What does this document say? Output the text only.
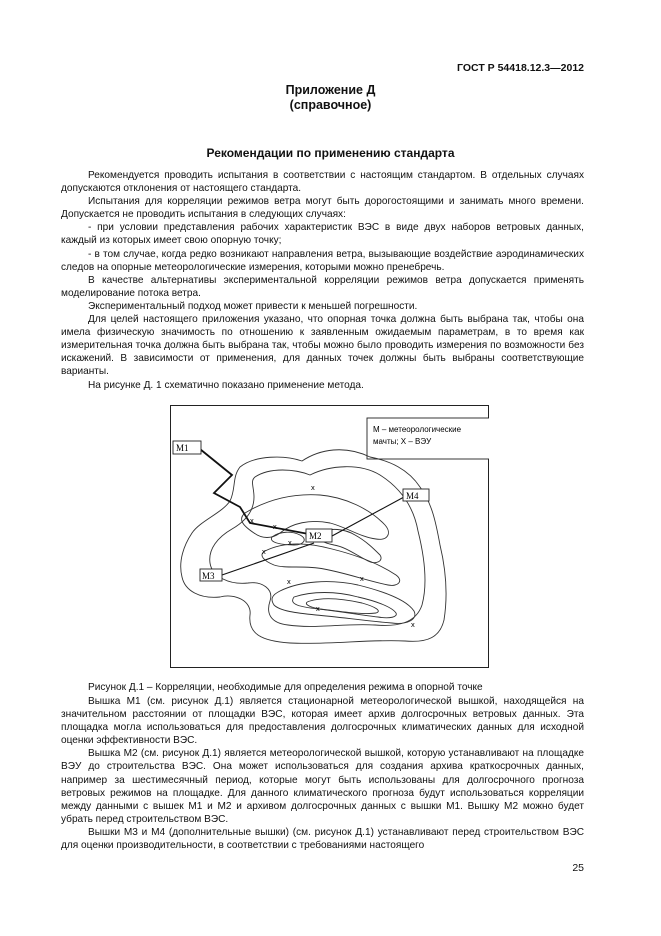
ГОСТ Р 54418.12.3—2012
Приложение Д
(справочное)
Рекомендации по применению стандарта

Рекомендуется проводить испытания в соответствии с настоящим стандартом. В отдельных случаях допускаются отклонения от настоящего стандарта.

Испытания для корреляции режимов ветра могут быть дорогостоящими и занимать много времени. Допускается не проводить испытания в следующих случаях:

- при условии представления рабочих характеристик ВЭС в виде двух наборов ветровых данных, каждый из которых имеет свою опорную точку;

- в том случае, когда редко возникают направления ветра, вызывающие воздействие аэродинамических следов на опорные метеорологические измерения, которыми можно пренебречь.

В качестве альтернативы экспериментальной корреляции режимов ветра допускается применять моделирование потока ветра.

Экспериментальный подход может привести к меньшей погрешности.

Для целей настоящего приложения указано, что опорная точка должна быть выбрана так, чтобы она имела физическую значимость по отношению к заявленным ожидаемым параметрам, в то время как измерительная точка должна быть выбрана так, чтобы можно было проводить измерения по возможности без искажений. В зависимости от применения, для данных точек должны быть выбраны соответствующие варианты.

На рисунке Д. 1 схематично показано применение метода.

М – метеорологические
мачты; Х – ВЭУ
M1
M2
M3
M4
x
x
x
x
x
x	x
x
x
Рисунок Д.1 – Корреляции, необходимые для определения режима в опорной точке

Вышка М1 (см. рисунок Д.1) является стационарной метеорологической вышкой, находящейся на значительном расстоянии от площадки ВЭС, которая имеет архив долгосрочных ветровых данных. Эта площадка могла использоваться для предоставления долгосрочных климатических данных для исходной оценки эффективности ВЭС.

Вышка М2 (см. рисунок Д.1) является метеорологической вышкой, которую устанавливают на площадке ВЭУ до строительства ВЭС. Она может использоваться для создания архива краткосрочных данных, например за шестимесячный период, которые могут быть использованы для долгосрочного прогноза ветровых режимов на площадке. Для данного климатического прогноза будут использоваться корреляции между данными с вышек М1 и М2 и архивом долгосрочных данных с вышки М1. Вышку М2 можно будет убрать перед строительством ВЭС.

Вышки М3 и М4 (дополнительные вышки) (см. рисунок Д.1) устанавливают перед строительством ВЭС для оценки производительности, в соответствии с требованиями настоящего

25
